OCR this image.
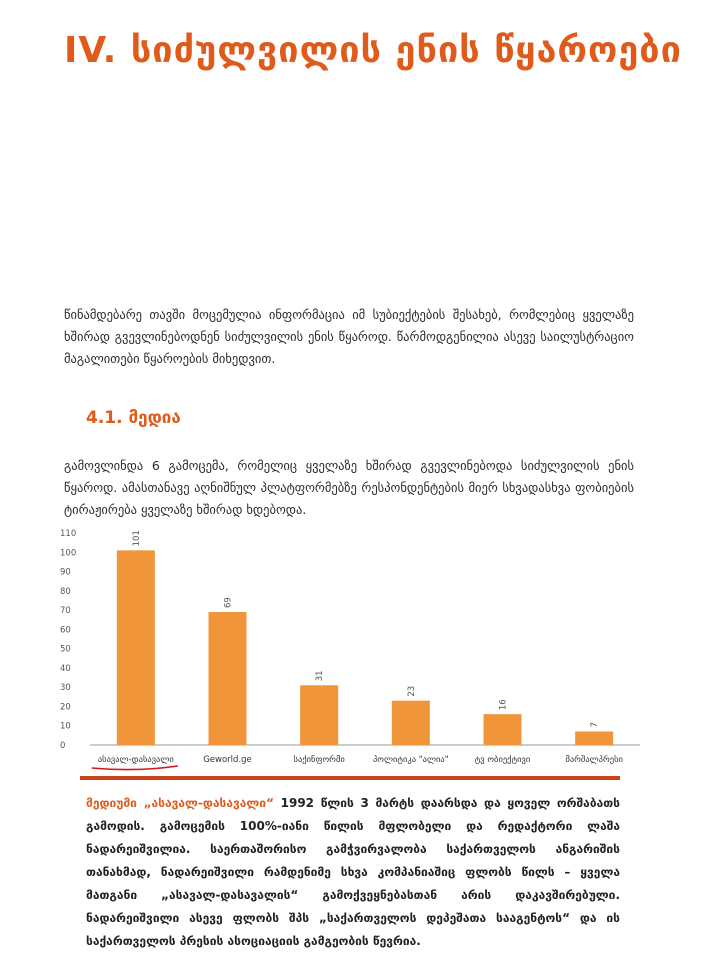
IV. სიძულვილის ენის წყაროები

წინამდებარე თავში მოცემულია ინფორმაცია იმ სუბიექტების შესახებ, რომლებიც ყველაზე ხშირად გვევლინებოდნენ სიძულვილის ენის წყაროდ. წარმოდგენილია ასევე საილუსტრაციო მაგალითები წყაროების მიხედვით.

4.1. მედია

გამოვლინდა 6 გამოცემა, რომელიც ყველაზე ხშირად გვევლინებოდა სიძულვილის ენის წყაროდ. ამასთანავე აღნიშნულ პლატფორმებზე რესპონდენტების მიერ სხვადასხვა ფობიების ტირაჟირება ყველაზე ხშირად ხდებოდა.

0
10
20
30
40
50
60
70
80
90
100
110	101
ასავალ-დასავალი
69
Geworld.ge
31
საქინფორმი
23
პოლიტიკა "ალია"
16
ტვ ობიექტივი
7
მარშალპრესი

მედიუმი „ასავალ-დასავალი“ 1992 წლის 3 მარტს დაარსდა და ყოველ ორშაბათს გამოდის. გამოცემის 100%-იანი წილის მფლობელი და რედაქტორი ლაშა ნადარეიშვილია. საერთაშორისო გამჭვირვალობა საქართველოს ანგარიშის თანახმად, ნადარეიშვილი რამდენიმე სხვა კომპანიაშიც ფლობს წილს – ყველა მათგანი „ასავალ-დასავალის“ გამოქვეყნებასთან არის დაკავშირებული. ნადარეიშვილი ასევე ფლობს შპს „საქართველოს დეპეშათა სააგენტოს“ და ის საქართველოს პრესის ასოციაციის გამგეობის წევრია.
